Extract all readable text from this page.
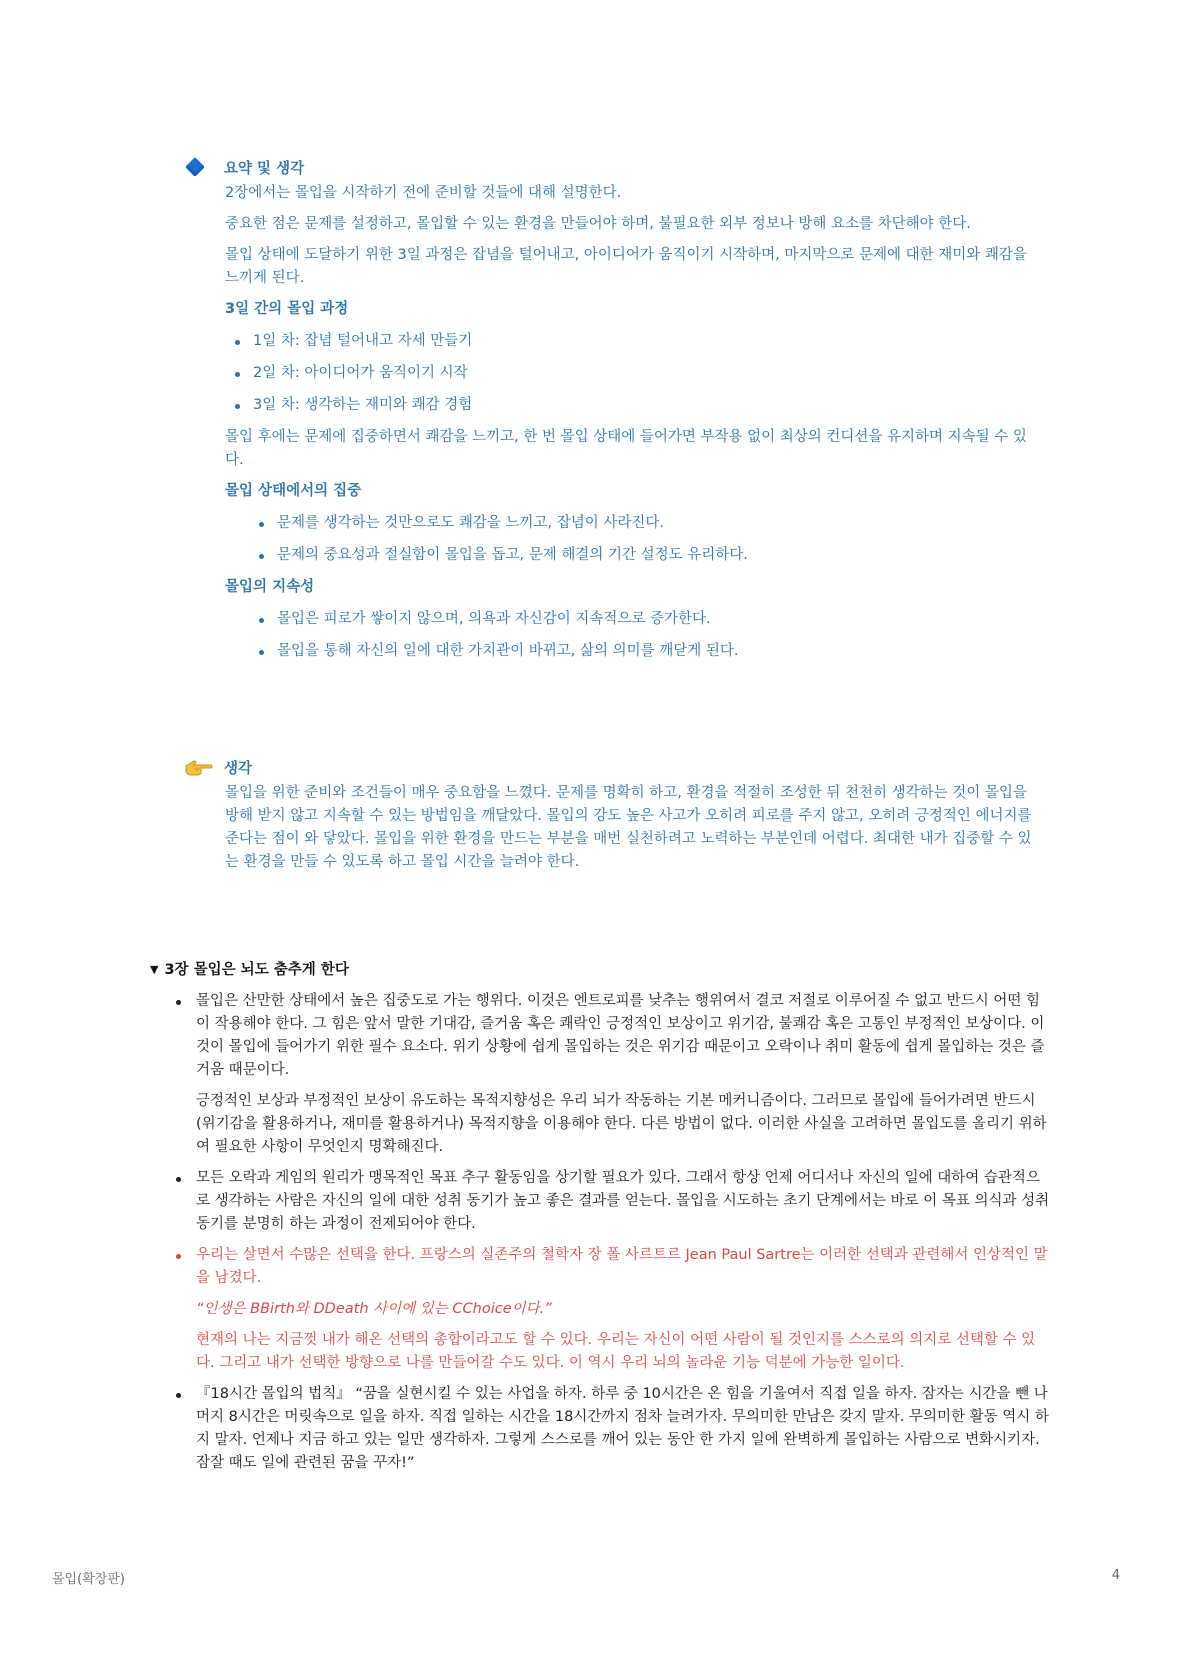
요약 및 생각

2장에서는 몰입을 시작하기 전에 준비할 것들에 대해 설명한다.

중요한 점은 문제를 설정하고, 몰입할 수 있는 환경을 만들어야 하며, 불필요한 외부 정보나 방해 요소를 차단해야 한다.

몰입 상태에 도달하기 위한 3일 과정은 잡념을 털어내고, 아이디어가 움직이기 시작하며, 마지막으로 문제에 대한 재미와 쾌감을 느끼게 된다.

3일 간의 몰입 과정
1일 차: 잡념 털어내고 자세 만들기
2일 차: 아이디어가 움직이기 시작
3일 차: 생각하는 재미와 쾌감 경험

몰입 후에는 문제에 집중하면서 쾌감을 느끼고, 한 번 몰입 상태에 들어가면 부작용 없이 최상의 컨디션을 유지하며 지속될 수 있다.

몰입 상태에서의 집중
문제를 생각하는 것만으로도 쾌감을 느끼고, 잡념이 사라진다.
문제의 중요성과 절실함이 몰입을 돕고, 문제 해결의 기간 설정도 유리하다.
몰입의 지속성
몰입은 피로가 쌓이지 않으며, 의욕과 자신감이 지속적으로 증가한다.
몰입을 통해 자신의 일에 대한 가치관이 바뀌고, 삶의 의미를 깨닫게 된다.
생각

몰입을 위한 준비와 조건들이 매우 중요함을 느꼈다. 문제를 명확히 하고, 환경을 적절히 조성한 뒤 천천히 생각하는 것이 몰입을 방해 받지 않고 지속할 수 있는 방법임을 깨달았다. 몰입의 강도 높은 사고가 오히려 피로를 주지 않고, 오히려 긍정적인 에너지를 준다는 점이 와 닿았다. 몰입을 위한 환경을 만드는 부분을 매번 실천하려고 노력하는 부분인데 어렵다. 최대한 내가 집중할 수 있는 환경을 만들 수 있도록 하고 몰입 시간을 늘려야 한다.

▼ 3장 몰입은 뇌도 춤추게 한다

몰입은 산만한 상태에서 높은 집중도로 가는 행위다. 이것은 엔트로피를 낮추는 행위여서 결코 저절로 이루어질 수 없고 반드시 어떤 힘이 작용해야 한다. 그 힘은 앞서 말한 기대감, 즐거움 혹은 쾌락인 긍정적인 보상이고 위기감, 불쾌감 혹은 고통인 부정적인 보상이다. 이것이 몰입에 들어가기 위한 필수 요소다. 위기 상황에 쉽게 몰입하는 것은 위기감 때문이고 오락이나 취미 활동에 쉽게 몰입하는 것은 즐거움 때문이다.

긍정적인 보상과 부정적인 보상이 유도하는 목적지향성은 우리 뇌가 작동하는 기본 메커니즘이다. 그러므로 몰입에 들어가려면 반드시 (위기감을 활용하거나, 재미를 활용하거나) 목적지향을 이용해야 한다. 다른 방법이 없다. 이러한 사실을 고려하면 몰입도를 올리기 위하여 필요한 사항이 무엇인지 명확해진다.

모든 오락과 게임의 원리가 맹목적인 목표 추구 활동임을 상기할 필요가 있다. 그래서 항상 언제 어디서나 자신의 일에 대하여 습관적으로 생각하는 사람은 자신의 일에 대한 성취 동기가 높고 좋은 결과를 얻는다. 몰입을 시도하는 초기 단계에서는 바로 이 목표 의식과 성취 동기를 분명히 하는 과정이 전제되어야 한다.

우리는 살면서 수많은 선택을 한다. 프랑스의 실존주의 철학자 장 폴 사르트르 Jean Paul Sartre는 이러한 선택과 관련해서 인상적인 말을 남겼다.

“인생은 BBirth와 DDeath 사이에 있는 CChoice이다.”

현재의 나는 지금껏 내가 해온 선택의 총합이라고도 할 수 있다. 우리는 자신이 어떤 사람이 될 것인지를 스스로의 의지로 선택할 수 있다. 그리고 내가 선택한 방향으로 나를 만들어갈 수도 있다. 이 역시 우리 뇌의 놀라운 기능 덕분에 가능한 일이다.

『18시간 몰입의 법칙』 “꿈을 실현시킬 수 있는 사업을 하자. 하루 중 10시간은 온 힘을 기울여서 직접 일을 하자. 잠자는 시간을 뺀 나머지 8시간은 머릿속으로 일을 하자. 직접 일하는 시간을 18시간까지 점차 늘려가자. 무의미한 만남은 갖지 말자. 무의미한 활동 역시 하지 말자. 언제나 지금 하고 있는 일만 생각하자. 그렇게 스스로를 깨어 있는 동안 한 가지 일에 완벽하게 몰입하는 사람으로 변화시키자. 잠잘 때도 일에 관련된 꿈을 꾸자!”

몰입(확장판)	4
